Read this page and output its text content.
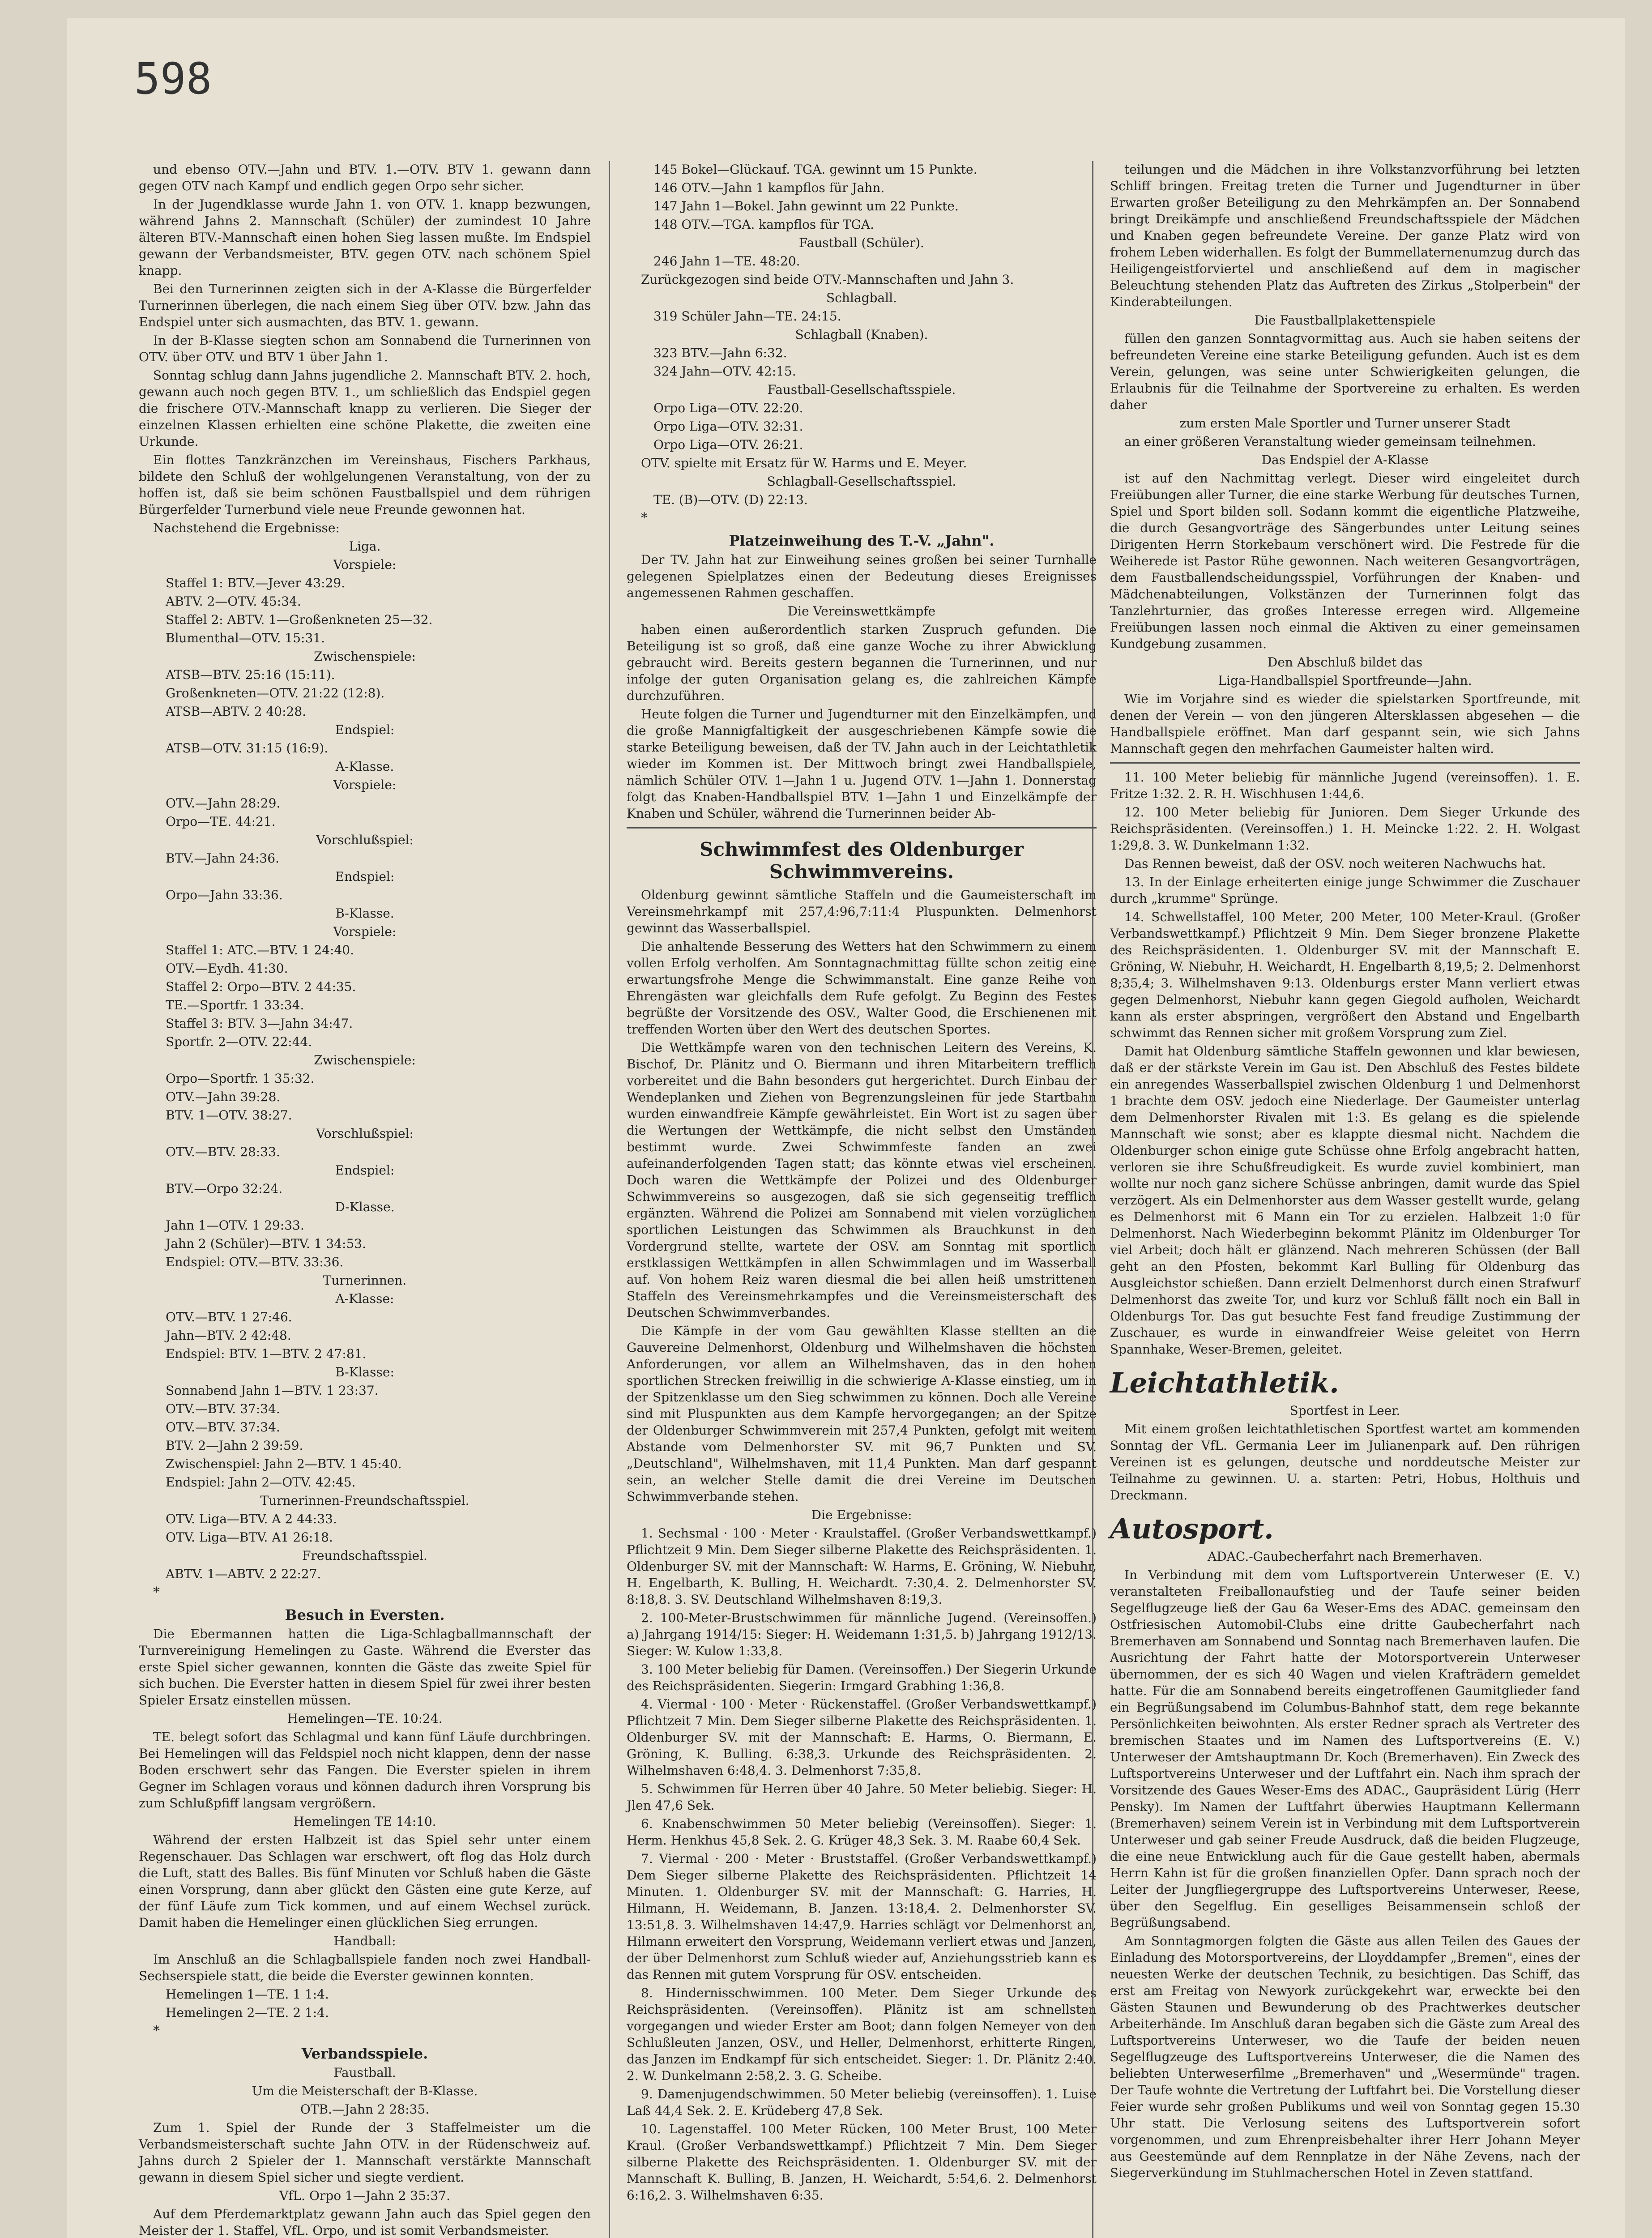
598

und ebenso OTV.—Jahn und BTV. 1.—OTV. BTV 1. gewann dann gegen OTV nach Kampf und endlich gegen Orpo sehr sicher.

In der Jugendklasse wurde Jahn 1. von OTV. 1. knapp bezwungen, während Jahns 2. Mannschaft (Schüler) der zumindest 10 Jahre älteren BTV.-Mannschaft einen hohen Sieg lassen mußte. Im Endspiel gewann der Verbandsmeister, BTV. gegen OTV. nach schönem Spiel knapp.

Bei den Turnerinnen zeigten sich in der A-Klasse die Bürgerfelder Turnerinnen überlegen, die nach einem Sieg über OTV. bzw. Jahn das Endspiel unter sich ausmachten, das BTV. 1. gewann.

In der B-Klasse siegten schon am Sonnabend die Turnerinnen von OTV. über OTV. und BTV 1 über Jahn 1.

Sonntag schlug dann Jahns jugendliche 2. Mannschaft BTV. 2. hoch, gewann auch noch gegen BTV. 1., um schließlich das Endspiel gegen die frischere OTV.-Mannschaft knapp zu verlieren. Die Sieger der einzelnen Klassen erhielten eine schöne Plakette, die zweiten eine Urkunde.

Ein flottes Tanzkränzchen im Vereinshaus, Fischers Parkhaus, bildete den Schluß der wohlgelungenen Veranstaltung, von der zu hoffen ist, daß sie beim schönen Faustballspiel und dem rührigen Bürgerfelder Turnerbund viele neue Freunde gewonnen hat.

Nachstehend die Ergebnisse:

Liga.

Vorspiele:

Staffel 1: BTV.—Jever 43:29.

ABTV. 2—OTV. 45:34.

Staffel 2: ABTV. 1—Großenkneten 25—32.

Blumenthal—OTV. 15:31.

Zwischenspiele:

ATSB—BTV. 25:16 (15:11).

Großenkneten—OTV. 21:22 (12:8).

ATSB—ABTV. 2 40:28.

Endspiel:

ATSB—OTV. 31:15 (16:9).

A-Klasse.

Vorspiele:

OTV.—Jahn 28:29.

Orpo—TE. 44:21.

Vorschlußspiel:

BTV.—Jahn 24:36.

Endspiel:

Orpo—Jahn 33:36.

B-Klasse.

Vorspiele:

Staffel 1: ATC.—BTV. 1 24:40.

OTV.—Eydh. 41:30.

Staffel 2: Orpo—BTV. 2 44:35.

TE.—Sportfr. 1 33:34.

Staffel 3: BTV. 3—Jahn 34:47.

Sportfr. 2—OTV. 22:44.

Zwischenspiele:

Orpo—Sportfr. 1 35:32.

OTV.—Jahn 39:28.

BTV. 1—OTV. 38:27.

Vorschlußspiel:

OTV.—BTV. 28:33.

Endspiel:

BTV.—Orpo 32:24.

D-Klasse.

Jahn 1—OTV. 1 29:33.

Jahn 2 (Schüler)—BTV. 1 34:53.

Endspiel: OTV.—BTV. 33:36.

Turnerinnen.

A-Klasse:

OTV.—BTV. 1 27:46.

Jahn—BTV. 2 42:48.

Endspiel: BTV. 1—BTV. 2 47:81.

B-Klasse:

Sonnabend Jahn 1—BTV. 1 23:37.

OTV.—BTV. 37:34.

OTV.—BTV. 37:34.

BTV. 2—Jahn 2 39:59.

Zwischenspiel: Jahn 2—BTV. 1 45:40.

Endspiel: Jahn 2—OTV. 42:45.

Turnerinnen-Freundschaftsspiel.

OTV. Liga—BTV. A 2 44:33.

OTV. Liga—BTV. A1 26:18.

Freundschaftsspiel.

ABTV. 1—ABTV. 2 22:27.

*

Besuch in Eversten.

Die Ebermannen hatten die Liga-Schlagballmannschaft der Turnvereinigung Hemelingen zu Gaste. Während die Everster das erste Spiel sicher gewannen, konnten die Gäste das zweite Spiel für sich buchen. Die Everster hatten in diesem Spiel für zwei ihrer besten Spieler Ersatz einstellen müssen.

Hemelingen—TE. 10:24.

TE. belegt sofort das Schlagmal und kann fünf Läufe durchbringen. Bei Hemelingen will das Feldspiel noch nicht klappen, denn der nasse Boden erschwert sehr das Fangen. Die Everster spielen in ihrem Gegner im Schlagen voraus und können dadurch ihren Vorsprung bis zum Schlußpfiff langsam vergrößern.

Hemelingen TE 14:10.

Während der ersten Halbzeit ist das Spiel sehr unter einem Regenschauer. Das Schlagen war erschwert, oft flog das Holz durch die Luft, statt des Balles. Bis fünf Minuten vor Schluß haben die Gäste einen Vorsprung, dann aber glückt den Gästen eine gute Kerze, auf der fünf Läufe zum Tick kommen, und auf einem Wechsel zurück. Damit haben die Hemelinger einen glücklichen Sieg errungen.

Handball:

Im Anschluß an die Schlagballspiele fanden noch zwei Handball-Sechserspiele statt, die beide die Everster gewinnen konnten.

Hemelingen 1—TE. 1 1:4.

Hemelingen 2—TE. 2 1:4.

*

Verbandsspiele.

Faustball.

Um die Meisterschaft der B-Klasse.

OTB.—Jahn 2 28:35.

Zum 1. Spiel der Runde der 3 Staffelmeister um die Verbandsmeisterschaft suchte Jahn OTV. in der Rüdenschweiz auf. Jahns durch 2 Spieler der 1. Mannschaft verstärkte Mannschaft gewann in diesem Spiel sicher und siegte verdient.

VfL. Orpo 1—Jahn 2 35:37.

Auf dem Pferdemarktplatz gewann Jahn auch das Spiel gegen den Meister der 1. Staffel, VfL. Orpo, und ist somit Verbandsmeister.

145 Bokel—Glückauf. TGA. gewinnt um 15 Punkte.

146 OTV.—Jahn 1 kampflos für Jahn.

147 Jahn 1—Bokel. Jahn gewinnt um 22 Punkte.

148 OTV.—TGA. kampflos für TGA.

Faustball (Schüler).

246 Jahn 1—TE. 48:20.

Zurückgezogen sind beide OTV.-Mannschaften und Jahn 3.

Schlagball.

319 Schüler Jahn—TE. 24:15.

Schlagball (Knaben).

323 BTV.—Jahn 6:32.

324 Jahn—OTV. 42:15.

Faustball-Gesellschaftsspiele.

Orpo Liga—OTV. 22:20.

Orpo Liga—OTV. 32:31.

Orpo Liga—OTV. 26:21.

OTV. spielte mit Ersatz für W. Harms und E. Meyer.

Schlagball-Gesellschaftsspiel.

TE. (B)—OTV. (D) 22:13.

*

Platzeinweihung des T.-V. „Jahn".

Der TV. Jahn hat zur Einweihung seines großen bei seiner Turnhalle gelegenen Spielplatzes einen der Bedeutung dieses Ereignisses angemessenen Rahmen geschaffen.

Die Vereinswettkämpfe

haben einen außerordentlich starken Zuspruch gefunden. Die Beteiligung ist so groß, daß eine ganze Woche zu ihrer Abwicklung gebraucht wird. Bereits gestern begannen die Turnerinnen, und nur infolge der guten Organisation gelang es, die zahlreichen Kämpfe durchzuführen.

Heute folgen die Turner und Jugendturner mit den Einzelkämpfen, und die große Mannigfaltigkeit der ausgeschriebenen Kämpfe sowie die starke Beteiligung beweisen, daß der TV. Jahn auch in der Leichtathletik wieder im Kommen ist. Der Mittwoch bringt zwei Handballspiele, nämlich Schüler OTV. 1—Jahn 1 u. Jugend OTV. 1—Jahn 1. Donnerstag folgt das Knaben-Handballspiel BTV. 1—Jahn 1 und Einzelkämpfe der Knaben und Schüler, während die Turnerinnen beider Ab-

Schwimmfest des Oldenburger Schwimmvereins.

Oldenburg gewinnt sämtliche Staffeln und die Gaumeisterschaft im Vereinsmehrkampf mit 257,4:96,7:11:4 Pluspunkten. Delmenhorst gewinnt das Wasserballspiel.

Die anhaltende Besserung des Wetters hat den Schwimmern zu einem vollen Erfolg verholfen. Am Sonntagnachmittag füllte schon zeitig eine erwartungsfrohe Menge die Schwimmanstalt. Eine ganze Reihe von Ehrengästen war gleichfalls dem Rufe gefolgt. Zu Beginn des Festes begrüßte der Vorsitzende des OSV., Walter Good, die Erschienenen mit treffenden Worten über den Wert des deutschen Sportes.

Die Wettkämpfe waren von den technischen Leitern des Vereins, K. Bischof, Dr. Plänitz und O. Biermann und ihren Mitarbeitern trefflich vorbereitet und die Bahn besonders gut hergerichtet. Durch Einbau der Wendeplanken und Ziehen von Begrenzungsleinen für jede Startbahn wurden einwandfreie Kämpfe gewährleistet. Ein Wort ist zu sagen über die Wertungen der Wettkämpfe, die nicht selbst den Umständen bestimmt wurde. Zwei Schwimmfeste fanden an zwei aufeinanderfolgenden Tagen statt; das könnte etwas viel erscheinen. Doch waren die Wettkämpfe der Polizei und des Oldenburger Schwimmvereins so ausgezogen, daß sie sich gegenseitig trefflich ergänzten. Während die Polizei am Sonnabend mit vielen vorzüglichen sportlichen Leistungen das Schwimmen als Brauchkunst in den Vordergrund stellte, wartete der OSV. am Sonntag mit sportlich erstklassigen Wettkämpfen in allen Schwimmlagen und im Wasserball auf. Von hohem Reiz waren diesmal die bei allen heiß umstrittenen Staffeln des Vereinsmehrkampfes und die Vereinsmeisterschaft des Deutschen Schwimmverbandes.

Die Kämpfe in der vom Gau gewählten Klasse stellten an die Gauvereine Delmenhorst, Oldenburg und Wilhelmshaven die höchsten Anforderungen, vor allem an Wilhelmshaven, das in den hohen sportlichen Strecken freiwillig in die schwierige A-Klasse einstieg, um in der Spitzenklasse um den Sieg schwimmen zu können. Doch alle Vereine sind mit Pluspunkten aus dem Kampfe hervorgegangen; an der Spitze der Oldenburger Schwimmverein mit 257,4 Punkten, gefolgt mit weitem Abstande vom Delmenhorster SV. mit 96,7 Punkten und SV. „Deutschland", Wilhelmshaven, mit 11,4 Punkten. Man darf gespannt sein, an welcher Stelle damit die drei Vereine im Deutschen Schwimmverbande stehen.

Die Ergebnisse:

1. Sechsmal · 100 · Meter · Kraulstaffel. (Großer Verbandswettkampf.) Pflichtzeit 9 Min. Dem Sieger silberne Plakette des Reichspräsidenten. 1. Oldenburger SV. mit der Mannschaft: W. Harms, E. Gröning, W. Niebuhr, H. Engelbarth, K. Bulling, H. Weichardt. 7:30,4. 2. Delmenhorster SV. 8:18,8. 3. SV. Deutschland Wilhelmshaven 8:19,3.

2. 100-Meter-Brustschwimmen für männliche Jugend. (Vereinsoffen.) a) Jahrgang 1914/15: Sieger: H. Weidemann 1:31,5. b) Jahrgang 1912/13. Sieger: W. Kulow 1:33,8.

3. 100 Meter beliebig für Damen. (Vereinsoffen.) Der Siegerin Urkunde des Reichspräsidenten. Siegerin: Irmgard Grabhing 1:36,8.

4. Viermal · 100 · Meter · Rückenstaffel. (Großer Verbandswettkampf.) Pflichtzeit 7 Min. Dem Sieger silberne Plakette des Reichspräsidenten. 1. Oldenburger SV. mit der Mannschaft: E. Harms, O. Biermann, E. Gröning, K. Bulling. 6:38,3. Urkunde des Reichspräsidenten. 2. Wilhelmshaven 6:48,4. 3. Delmenhorst 7:35,8.

5. Schwimmen für Herren über 40 Jahre. 50 Meter beliebig. Sieger: H. Jlen 47,6 Sek.

6. Knabenschwimmen 50 Meter beliebig (Vereinsoffen). Sieger: 1. Herm. Henkhus 45,8 Sek. 2. G. Krüger 48,3 Sek. 3. M. Raabe 60,4 Sek.

7. Viermal · 200 · Meter · Bruststaffel. (Großer Verbandswettkampf.) Dem Sieger silberne Plakette des Reichspräsidenten. Pflichtzeit 14 Minuten. 1. Oldenburger SV. mit der Mannschaft: G. Harries, H. Hilmann, H. Weidemann, B. Janzen. 13:18,4. 2. Delmenhorster SV. 13:51,8. 3. Wilhelmshaven 14:47,9. Harries schlägt vor Delmenhorst an, Hilmann erweitert den Vorsprung, Weidemann verliert etwas und Janzen, der über Delmenhorst zum Schluß wieder auf, Anziehungsstrieb kann es das Rennen mit gutem Vorsprung für OSV. entscheiden.

8. Hindernisschwimmen. 100 Meter. Dem Sieger Urkunde des Reichspräsidenten. (Vereinsoffen). Plänitz ist am schnellsten vorgegangen und wieder Erster am Boot; dann folgen Nemeyer von den Schlußleuten Janzen, OSV., und Heller, Delmenhorst, erhitterte Ringen, das Janzen im Endkampf für sich entscheidet. Sieger: 1. Dr. Plänitz 2:40. 2. W. Dunkelmann 2:58,2. 3. G. Scheibe.

9. Damenjugendschwimmen. 50 Meter beliebig (vereinsoffen). 1. Luise Laß 44,4 Sek. 2. E. Krüdeberg 47,8 Sek.

10. Lagenstaffel. 100 Meter Rücken, 100 Meter Brust, 100 Meter Kraul. (Großer Verbandswettkampf.) Pflichtzeit 7 Min. Dem Sieger silberne Plakette des Reichspräsidenten. 1. Oldenburger SV. mit der Mannschaft K. Bulling, B. Janzen, H. Weichardt, 5:54,6. 2. Delmenhorst 6:16,2. 3. Wilhelmshaven 6:35.

teilungen und die Mädchen in ihre Volkstanzvorführung bei letzten Schliff bringen. Freitag treten die Turner und Jugendturner in über Erwarten großer Beteiligung zu den Mehrkämpfen an. Der Sonnabend bringt Dreikämpfe und anschließend Freundschaftsspiele der Mädchen und Knaben gegen befreundete Vereine. Der ganze Platz wird von frohem Leben widerhallen. Es folgt der Bummellaternenumzug durch das Heiligengeistforviertel und anschließend auf dem in magischer Beleuchtung stehenden Platz das Auftreten des Zirkus „Stolperbein" der Kinderabteilungen.

Die Faustballplakettenspiele

füllen den ganzen Sonntagvormittag aus. Auch sie haben seitens der befreundeten Vereine eine starke Beteiligung gefunden. Auch ist es dem Verein, gelungen, was seine unter Schwierigkeiten gelungen, die Erlaubnis für die Teilnahme der Sportvereine zu erhalten. Es werden daher

zum ersten Male Sportler und Turner unserer Stadt

an einer größeren Veranstaltung wieder gemeinsam teilnehmen.

Das Endspiel der A-Klasse

ist auf den Nachmittag verlegt. Dieser wird eingeleitet durch Freiübungen aller Turner, die eine starke Werbung für deutsches Turnen, Spiel und Sport bilden soll. Sodann kommt die eigentliche Platzweihe, die durch Gesangvorträge des Sängerbundes unter Leitung seines Dirigenten Herrn Storkebaum verschönert wird. Die Festrede für die Weiherede ist Pastor Rühe gewonnen. Nach weiteren Gesangvorträgen, dem Faustballendscheidungsspiel, Vorführungen der Knaben- und Mädchenabteilungen, Volkstänzen der Turnerinnen folgt das Tanzlehrturnier, das großes Interesse erregen wird. Allgemeine Freiübungen lassen noch einmal die Aktiven zu einer gemeinsamen Kundgebung zusammen.

Den Abschluß bildet das

Liga-Handballspiel Sportfreunde—Jahn.

Wie im Vorjahre sind es wieder die spielstarken Sportfreunde, mit denen der Verein — von den jüngeren Altersklassen abgesehen — die Handballspiele eröffnet. Man darf gespannt sein, wie sich Jahns Mannschaft gegen den mehrfachen Gaumeister halten wird.

11. 100 Meter beliebig für männliche Jugend (vereinsoffen). 1. E. Fritze 1:32. 2. R. H. Wischhusen 1:44,6.

12. 100 Meter beliebig für Junioren. Dem Sieger Urkunde des Reichspräsidenten. (Vereinsoffen.) 1. H. Meincke 1:22. 2. H. Wolgast 1:29,8. 3. W. Dunkelmann 1:32.

Das Rennen beweist, daß der OSV. noch weiteren Nachwuchs hat.

13. In der Einlage erheiterten einige junge Schwimmer die Zuschauer durch „krumme" Sprünge.

14. Schwellstaffel, 100 Meter, 200 Meter, 100 Meter-Kraul. (Großer Verbandswettkampf.) Pflichtzeit 9 Min. Dem Sieger bronzene Plakette des Reichspräsidenten. 1. Oldenburger SV. mit der Mannschaft E. Gröning, W. Niebuhr, H. Weichardt, H. Engelbarth 8,19,5; 2. Delmenhorst 8;35,4; 3. Wilhelmshaven 9:13. Oldenburgs erster Mann verliert etwas gegen Delmenhorst, Niebuhr kann gegen Giegold aufholen, Weichardt kann als erster abspringen, vergrößert den Abstand und Engelbarth schwimmt das Rennen sicher mit großem Vorsprung zum Ziel.

Damit hat Oldenburg sämtliche Staffeln gewonnen und klar bewiesen, daß er der stärkste Verein im Gau ist. Den Abschluß des Festes bildete ein anregendes Wasserballspiel zwischen Oldenburg 1 und Delmenhorst 1 brachte dem OSV. jedoch eine Niederlage. Der Gaumeister unterlag dem Delmenhorster Rivalen mit 1:3. Es gelang es die spielende Mannschaft wie sonst; aber es klappte diesmal nicht. Nachdem die Oldenburger schon einige gute Schüsse ohne Erfolg angebracht hatten, verloren sie ihre Schußfreudigkeit. Es wurde zuviel kombiniert, man wollte nur noch ganz sichere Schüsse anbringen, damit wurde das Spiel verzögert. Als ein Delmenhorster aus dem Wasser gestellt wurde, gelang es Delmenhorst mit 6 Mann ein Tor zu erzielen. Halbzeit 1:0 für Delmenhorst. Nach Wiederbeginn bekommt Plänitz im Oldenburger Tor viel Arbeit; doch hält er glänzend. Nach mehreren Schüssen (der Ball geht an den Pfosten, bekommt Karl Bulling für Oldenburg das Ausgleichstor schießen. Dann erzielt Delmenhorst durch einen Strafwurf Delmenhorst das zweite Tor, und kurz vor Schluß fällt noch ein Ball in Oldenburgs Tor. Das gut besuchte Fest fand freudige Zustimmung der Zuschauer, es wurde in einwandfreier Weise geleitet von Herrn Spannhake, Weser-Bremen, geleitet.

Leichtathletik.

Sportfest in Leer.

Mit einem großen leichtathletischen Sportfest wartet am kommenden Sonntag der VfL. Germania Leer im Julianenpark auf. Den rührigen Vereinen ist es gelungen, deutsche und norddeutsche Meister zur Teilnahme zu gewinnen. U. a. starten: Petri, Hobus, Holthuis und Dreckmann.

Autosport.

ADAC.-Gaubecherfahrt nach Bremerhaven.

In Verbindung mit dem vom Luftsportverein Unterweser (E. V.) veranstalteten Freiballonaufstieg und der Taufe seiner beiden Segelflugzeuge ließ der Gau 6a Weser-Ems des ADAC. gemeinsam den Ostfriesischen Automobil-Clubs eine dritte Gaubecherfahrt nach Bremerhaven am Sonnabend und Sonntag nach Bremerhaven laufen. Die Ausrichtung der Fahrt hatte der Motorsportverein Unterweser übernommen, der es sich 40 Wagen und vielen Krafträdern gemeldet hatte. Für die am Sonnabend bereits eingetroffenen Gaumitglieder fand ein Begrüßungsabend im Columbus-Bahnhof statt, dem rege bekannte Persönlichkeiten beiwohnten. Als erster Redner sprach als Vertreter des bremischen Staates und im Namen des Luftsportvereins (E. V.) Unterweser der Amtshauptmann Dr. Koch (Bremerhaven). Ein Zweck des Luftsportvereins Unterweser und der Luftfahrt ein. Nach ihm sprach der Vorsitzende des Gaues Weser-Ems des ADAC., Gaupräsident Lürig (Herr Pensky). Im Namen der Luftfahrt überwies Hauptmann Kellermann (Bremerhaven) seinem Verein ist in Verbindung mit dem Luftsportverein Unterweser und gab seiner Freude Ausdruck, daß die beiden Flugzeuge, die eine neue Entwicklung auch für die Gaue gestellt haben, abermals Herrn Kahn ist für die großen finanziellen Opfer. Dann sprach noch der Leiter der Jungfliegergruppe des Luftsportvereins Unterweser, Reese, über den Segelflug. Ein geselliges Beisammensein schloß der Begrüßungsabend.

Am Sonntagmorgen folgten die Gäste aus allen Teilen des Gaues der Einladung des Motorsportvereins, der Lloyddampfer „Bremen", eines der neuesten Werke der deutschen Technik, zu besichtigen. Das Schiff, das erst am Freitag von Newyork zurückgekehrt war, erweckte bei den Gästen Staunen und Bewunderung ob des Prachtwerkes deutscher Arbeiterhände. Im Anschluß daran begaben sich die Gäste zum Areal des Luftsportvereins Unterweser, wo die Taufe der beiden neuen Segelflugzeuge des Luftsportvereins Unterweser, die die Namen des beliebten Unterweserfilme „Bremerhaven" und „Wesermünde" tragen. Der Taufe wohnte die Vertretung der Luftfahrt bei. Die Vorstellung dieser Feier wurde sehr großen Publikums und weil von Sonntag gegen 15.30 Uhr statt. Die Verlosung seitens des Luftsportverein sofort vorgenommen, und zum Ehrenpreisbehalter ihrer Herr Johann Meyer aus Geestemünde auf dem Rennplatze in der Nähe Zevens, nach der Siegerverkündung im Stuhlmacherschen Hotel in Zeven stattfand.
